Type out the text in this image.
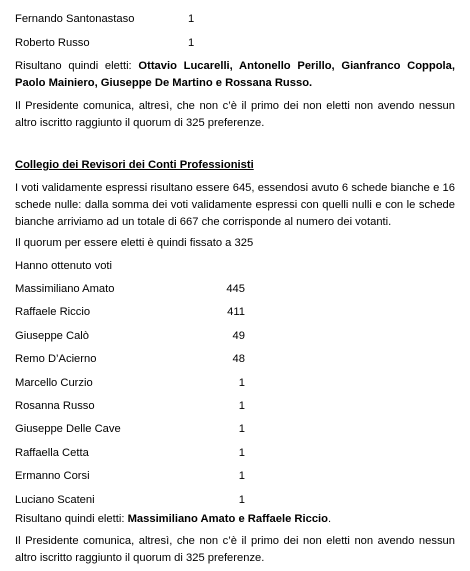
Fernando Santonastaso	1
Roberto Russo	1
Risultano quindi eletti: Ottavio Lucarelli, Antonello Perillo, Gianfranco Coppola, Paolo Mainiero, Giuseppe De Martino e Rossana Russo.
Il Presidente comunica, altresì, che non c’è il primo dei non eletti non avendo nessun altro iscritto raggiunto il quorum di 325 preferenze.
Collegio dei Revisori dei Conti Professionisti
I voti validamente espressi risultano essere 645, essendosi avuto 6 schede bianche e 16 schede nulle: dalla somma dei voti validamente espressi con quelli nulli e con le schede bianche arriviamo ad un totale di 667 che corrisponde al numero dei votanti.
Il quorum per essere eletti è quindi fissato a 325
Hanno ottenuto voti
Massimiliano Amato	445
Raffaele Riccio	411
Giuseppe Calò	49
Remo D’Acierno	48
Marcello Curzio	1
Rosanna Russo	1
Giuseppe Delle Cave	1
Raffaella Cetta	1
Ermanno Corsi	1
Luciano Scateni	1
Risultano quindi eletti: Massimiliano Amato e Raffaele Riccio.
Il Presidente comunica, altresì, che non c’è il primo dei non eletti non avendo nessun altro iscritto raggiunto il quorum di 325 preferenze.
